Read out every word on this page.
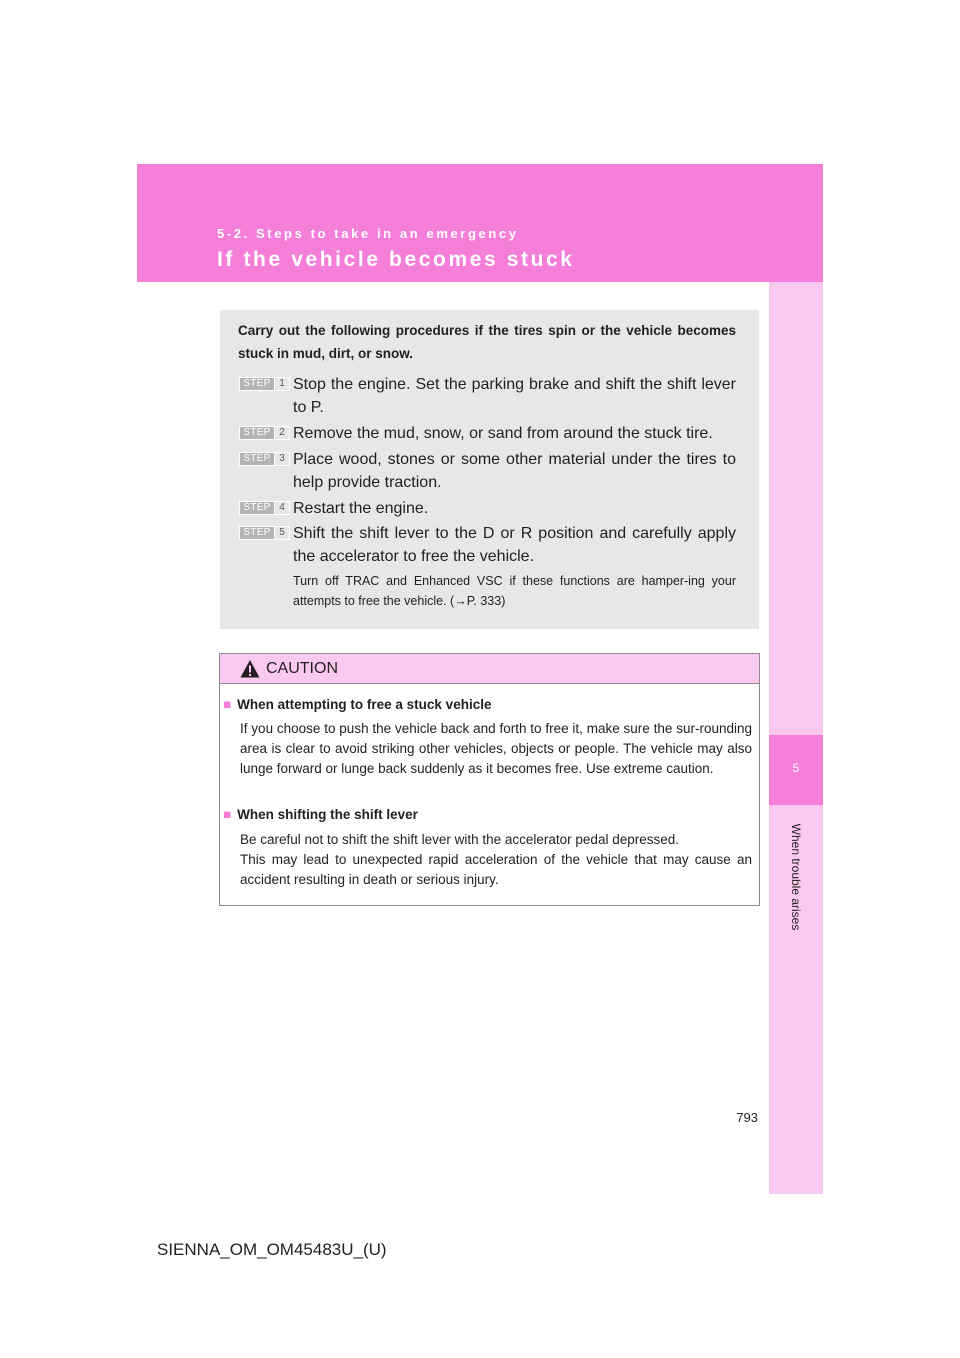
5-2. Steps to take in an emergency
If the vehicle becomes stuck
5
When trouble arises
Carry out the following procedures if the tires spin or the vehicle becomes stuck in mud, dirt, or snow.
STEP 1 Stop the engine. Set the parking brake and shift the shift lever to P.
STEP 2 Remove the mud, snow, or sand from around the stuck tire.
STEP 3 Place wood, stones or some other material under the tires to help provide traction.
STEP 4 Restart the engine.
STEP 5 Shift the shift lever to the D or R position and carefully apply the accelerator to free the vehicle.
Turn off TRAC and Enhanced VSC if these functions are hamper-ing your attempts to free the vehicle. (→P. 333)
CAUTION
■ When attempting to free a stuck vehicle
If you choose to push the vehicle back and forth to free it, make sure the sur-rounding area is clear to avoid striking other vehicles, objects or people. The vehicle may also lunge forward or lunge back suddenly as it becomes free. Use extreme caution.
■ When shifting the shift lever
Be careful not to shift the shift lever with the accelerator pedal depressed.
This may lead to unexpected rapid acceleration of the vehicle that may cause an accident resulting in death or serious injury.
793
SIENNA_OM_OM45483U_(U)
